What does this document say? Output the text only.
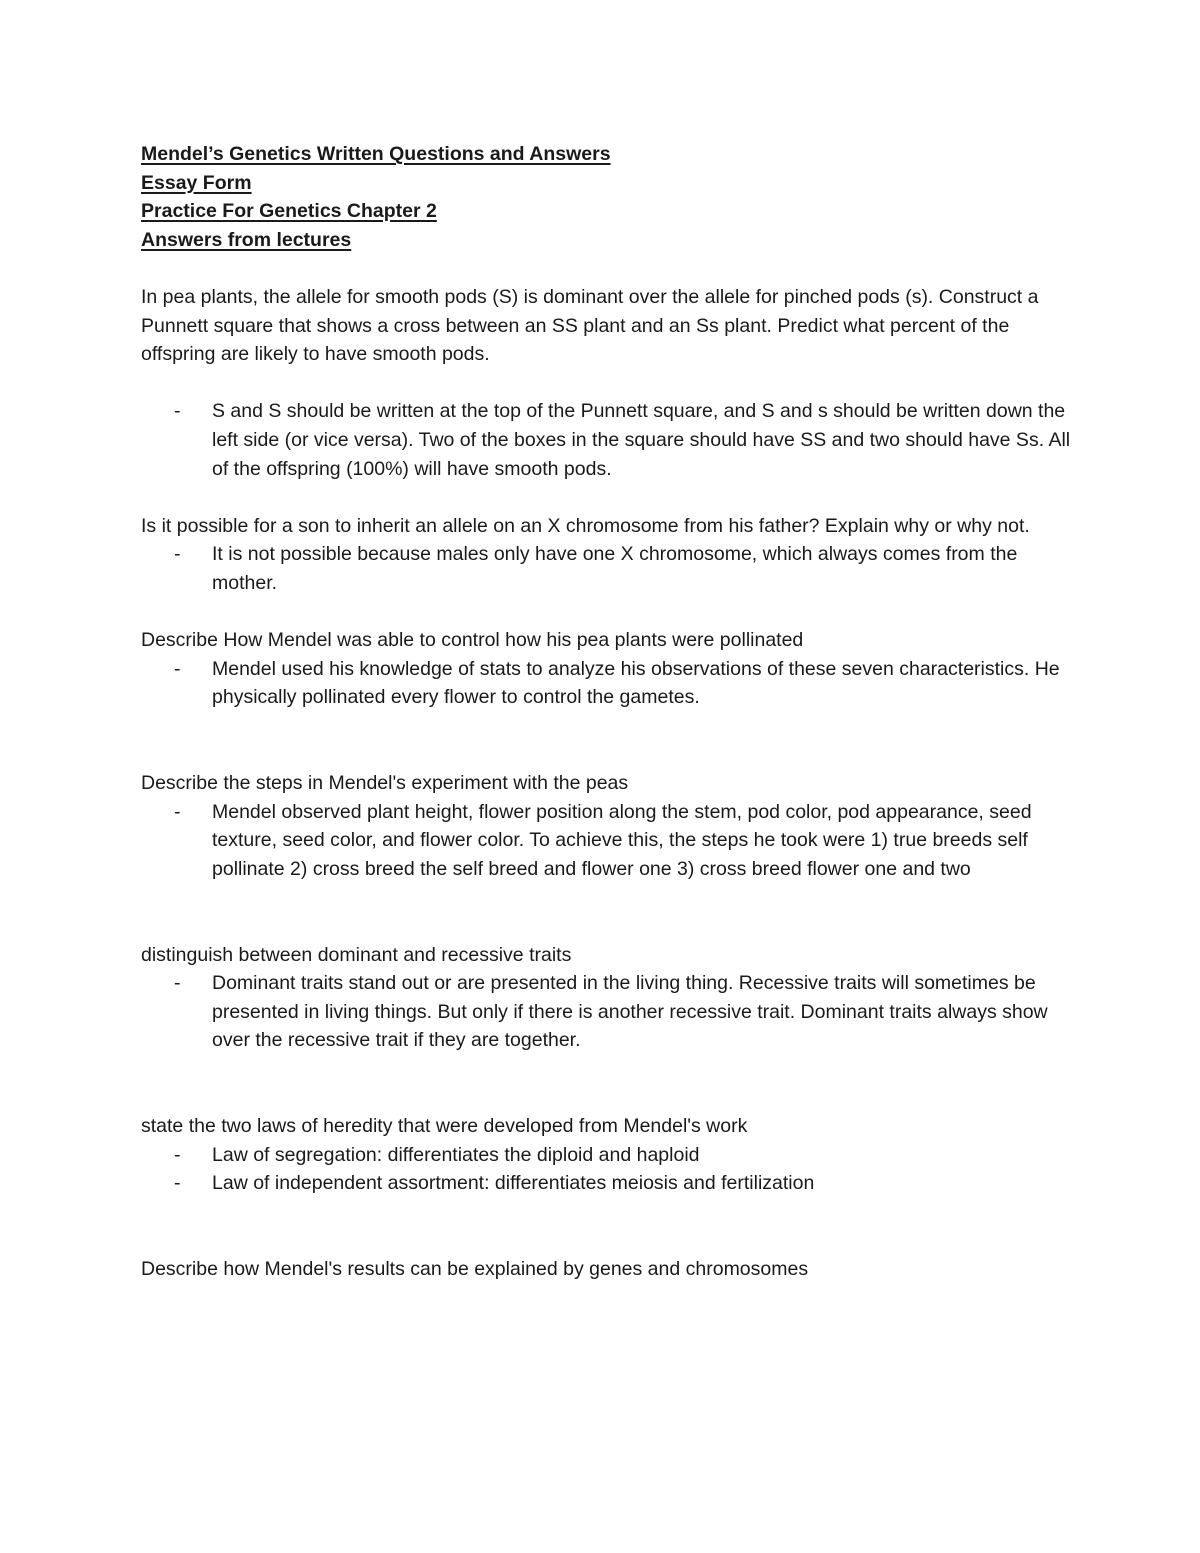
Mendel’s Genetics Written Questions and Answers
Essay Form
Practice For Genetics Chapter 2
Answers from lectures
In pea plants, the allele for smooth pods (S) is dominant over the allele for pinched pods (s). Construct a Punnett square that shows a cross between an SS plant and an Ss plant. Predict what percent of the offspring are likely to have smooth pods.
- S and S should be written at the top of the Punnett square, and S and s should be written down the left side (or vice versa). Two of the boxes in the square should have SS and two should have Ss. All of the offspring (100%) will have smooth pods.
Is it possible for a son to inherit an allele on an X chromosome from his father? Explain why or why not.
- It is not possible because males only have one X chromosome, which always comes from the mother.
Describe How Mendel was able to control how his pea plants were pollinated
- Mendel used his knowledge of stats to analyze his observations of these seven characteristics. He physically pollinated every flower to control the gametes.
Describe the steps in Mendel's experiment with the peas
- Mendel observed plant height, flower position along the stem, pod color, pod appearance, seed texture, seed color, and flower color. To achieve this, the steps he took were 1) true breeds self pollinate 2) cross breed the self breed and flower one 3) cross breed flower one and two
distinguish between dominant and recessive traits
- Dominant traits stand out or are presented in the living thing. Recessive traits will sometimes be presented in living things. But only if there is another recessive trait. Dominant traits always show over the recessive trait if they are together.
state the two laws of heredity that were developed from Mendel's work
- Law of segregation: differentiates the diploid and haploid
- Law of independent assortment: differentiates meiosis and fertilization
Describe how Mendel's results can be explained by genes and chromosomes
